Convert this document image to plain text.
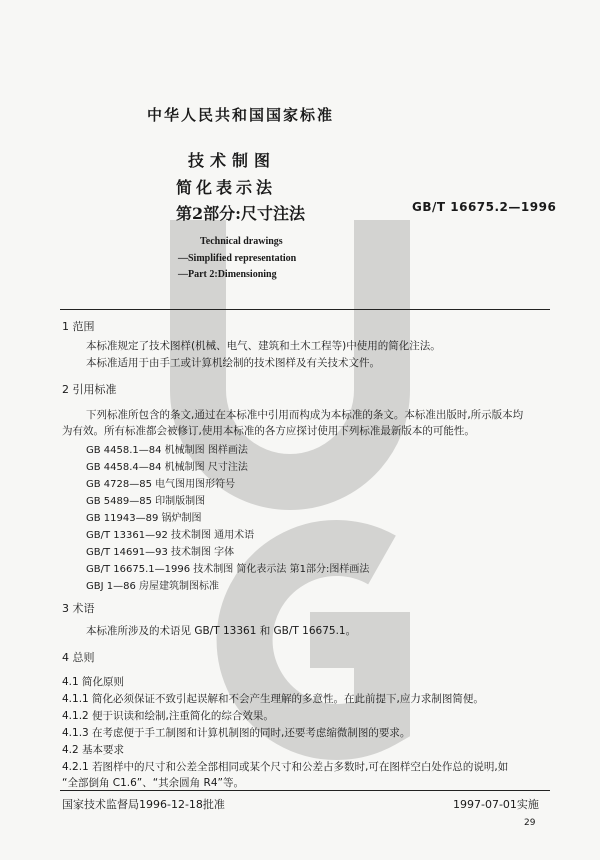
中华人民共和国国家标准
技术制图
简化表示法
第2部分:尺寸注法	GB/T 16675.2—1996
Technical drawings
—Simplified representation
—Part 2:Dimensioning
1 范围
本标准规定了技术图样(机械、电气、建筑和土木工程等)中使用的简化注法。
本标准适用于由手工或计算机绘制的技术图样及有关技术文件。
2 引用标准
下列标准所包含的条文,通过在本标准中引用而构成为本标准的条文。本标准出版时,所示版本均
为有效。所有标准都会被修订,使用本标准的各方应探讨使用下列标准最新版本的可能性。
GB 4458.1—84 机械制图 图样画法
GB 4458.4—84 机械制图 尺寸注法
GB 4728—85 电气图用图形符号
GB 5489—85 印制版制图
GB 11943—89 锅炉制图
GB/T 13361—92 技术制图 通用术语
GB/T 14691—93 技术制图 字体
GB/T 16675.1—1996 技术制图 简化表示法 第1部分:图样画法
GBJ 1—86 房屋建筑制图标准
3 术语
本标准所涉及的术语见 GB/T 13361 和 GB/T 16675.1。
4 总则
4.1 简化原则
4.1.1 简化必须保证不致引起误解和不会产生理解的多意性。在此前提下,应力求制图简便。
4.1.2 便于识读和绘制,注重简化的综合效果。
4.1.3 在考虑便于手工制图和计算机制图的同时,还要考虑缩微制图的要求。
4.2 基本要求
4.2.1 若图样中的尺寸和公差全部相同或某个尺寸和公差占多数时,可在图样空白处作总的说明,如
“全部倒角 C1.6”、“其余圆角 R4”等。
国家技术监督局1996-12-18批准	1997-07-01实施
29
